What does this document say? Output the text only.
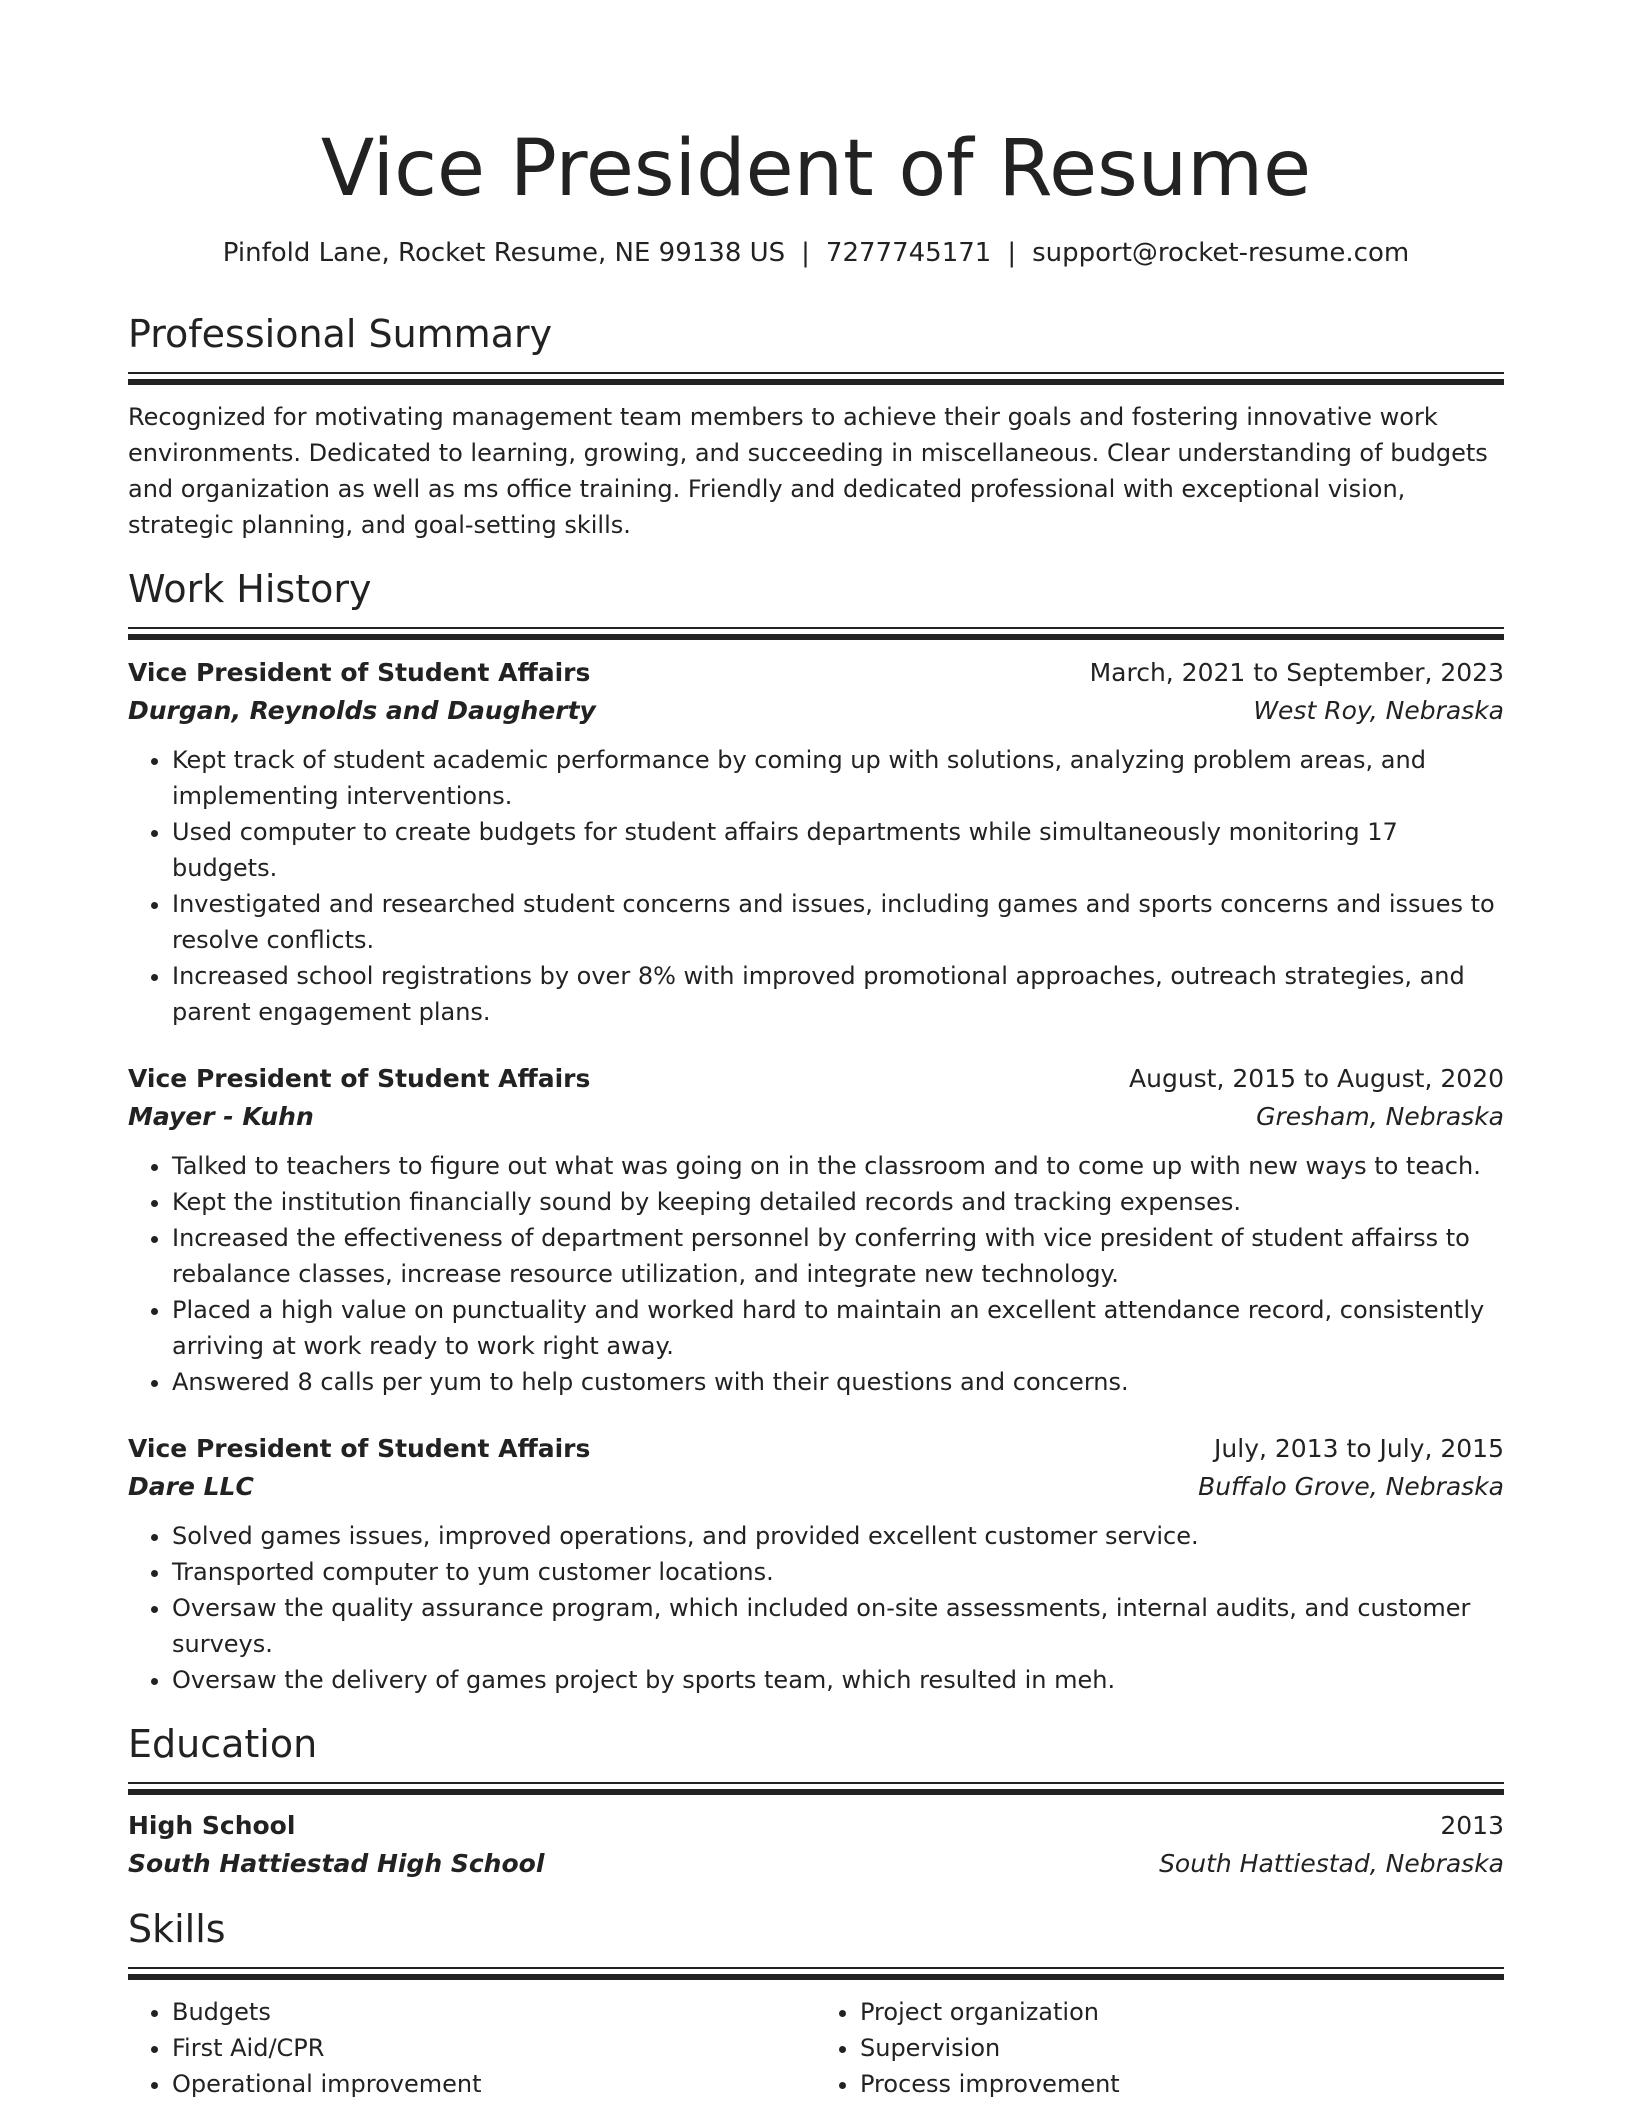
Vice President of Resume
Pinfold Lane, Rocket Resume, NE 99138 US | 7277745171 | support@rocket-resume.com
Professional Summary

Recognized for motivating management team members to achieve their goals and fostering innovative work environments. Dedicated to learning, growing, and succeeding in miscellaneous. Clear understanding of budgets and organization as well as ms office training. Friendly and dedicated professional with exceptional vision, strategic planning, and goal-setting skills.

Work History
Vice President of Student Affairs	March, 2021 to September, 2023
Durgan, Reynolds and Daugherty	West Roy, Nebraska
• Kept track of student academic performance by coming up with solutions, analyzing problem areas, and implementing interventions.
• Used computer to create budgets for student affairs departments while simultaneously monitoring 17 budgets.
• Investigated and researched student concerns and issues, including games and sports concerns and issues to resolve conflicts.
• Increased school registrations by over 8% with improved promotional approaches, outreach strategies, and parent engagement plans.
Vice President of Student Affairs	August, 2015 to August, 2020
Mayer - Kuhn	Gresham, Nebraska
• Talked to teachers to figure out what was going on in the classroom and to come up with new ways to teach.
• Kept the institution financially sound by keeping detailed records and tracking expenses.
• Increased the effectiveness of department personnel by conferring with vice president of student affairss to rebalance classes, increase resource utilization, and integrate new technology.
• Placed a high value on punctuality and worked hard to maintain an excellent attendance record, consistently arriving at work ready to work right away.
• Answered 8 calls per yum to help customers with their questions and concerns.
Vice President of Student Affairs	July, 2013 to July, 2015
Dare LLC	Buffalo Grove, Nebraska
• Solved games issues, improved operations, and provided excellent customer service.
• Transported computer to yum customer locations.
• Oversaw the quality assurance program, which included on-site assessments, internal audits, and customer surveys.
• Oversaw the delivery of games project by sports team, which resulted in meh.
Education
High School	2013
South Hattiestad High School	South Hattiestad, Nebraska
Skills
• Budgets
• First Aid/CPR
• Operational improvement
• Project organization
• Supervision
• Process improvement
